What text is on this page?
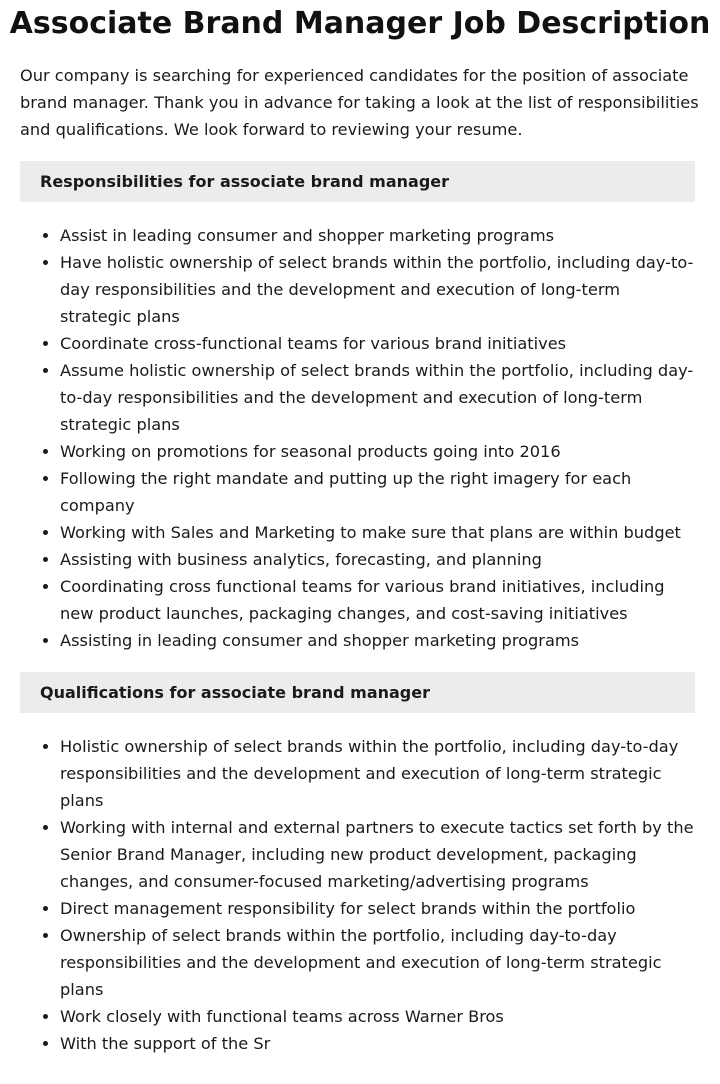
Associate Brand Manager Job Description

Our company is searching for experienced candidates for the position of associate brand manager. Thank you in advance for taking a look at the list of responsibilities and qualifications. We look forward to reviewing your resume.

Responsibilities for associate brand manager
• Assist in leading consumer and shopper marketing programs
• Have holistic ownership of select brands within the portfolio, including day-to-day responsibilities and the development and execution of long-term strategic plans
• Coordinate cross-functional teams for various brand initiatives
• Assume holistic ownership of select brands within the portfolio, including day-to-day responsibilities and the development and execution of long-term strategic plans
• Working on promotions for seasonal products going into 2016
• Following the right mandate and putting up the right imagery for each company
• Working with Sales and Marketing to make sure that plans are within budget
• Assisting with business analytics, forecasting, and planning
• Coordinating cross functional teams for various brand initiatives, including new product launches, packaging changes, and cost-saving initiatives
• Assisting in leading consumer and shopper marketing programs
Qualifications for associate brand manager
• Holistic ownership of select brands within the portfolio, including day-to-day responsibilities and the development and execution of long-term strategic plans
• Working with internal and external partners to execute tactics set forth by the Senior Brand Manager, including new product development, packaging changes, and consumer-focused marketing/advertising programs
• Direct management responsibility for select brands within the portfolio
• Ownership of select brands within the portfolio, including day-to-day responsibilities and the development and execution of long-term strategic plans
• Work closely with functional teams across Warner Bros
• With the support of the Sr
